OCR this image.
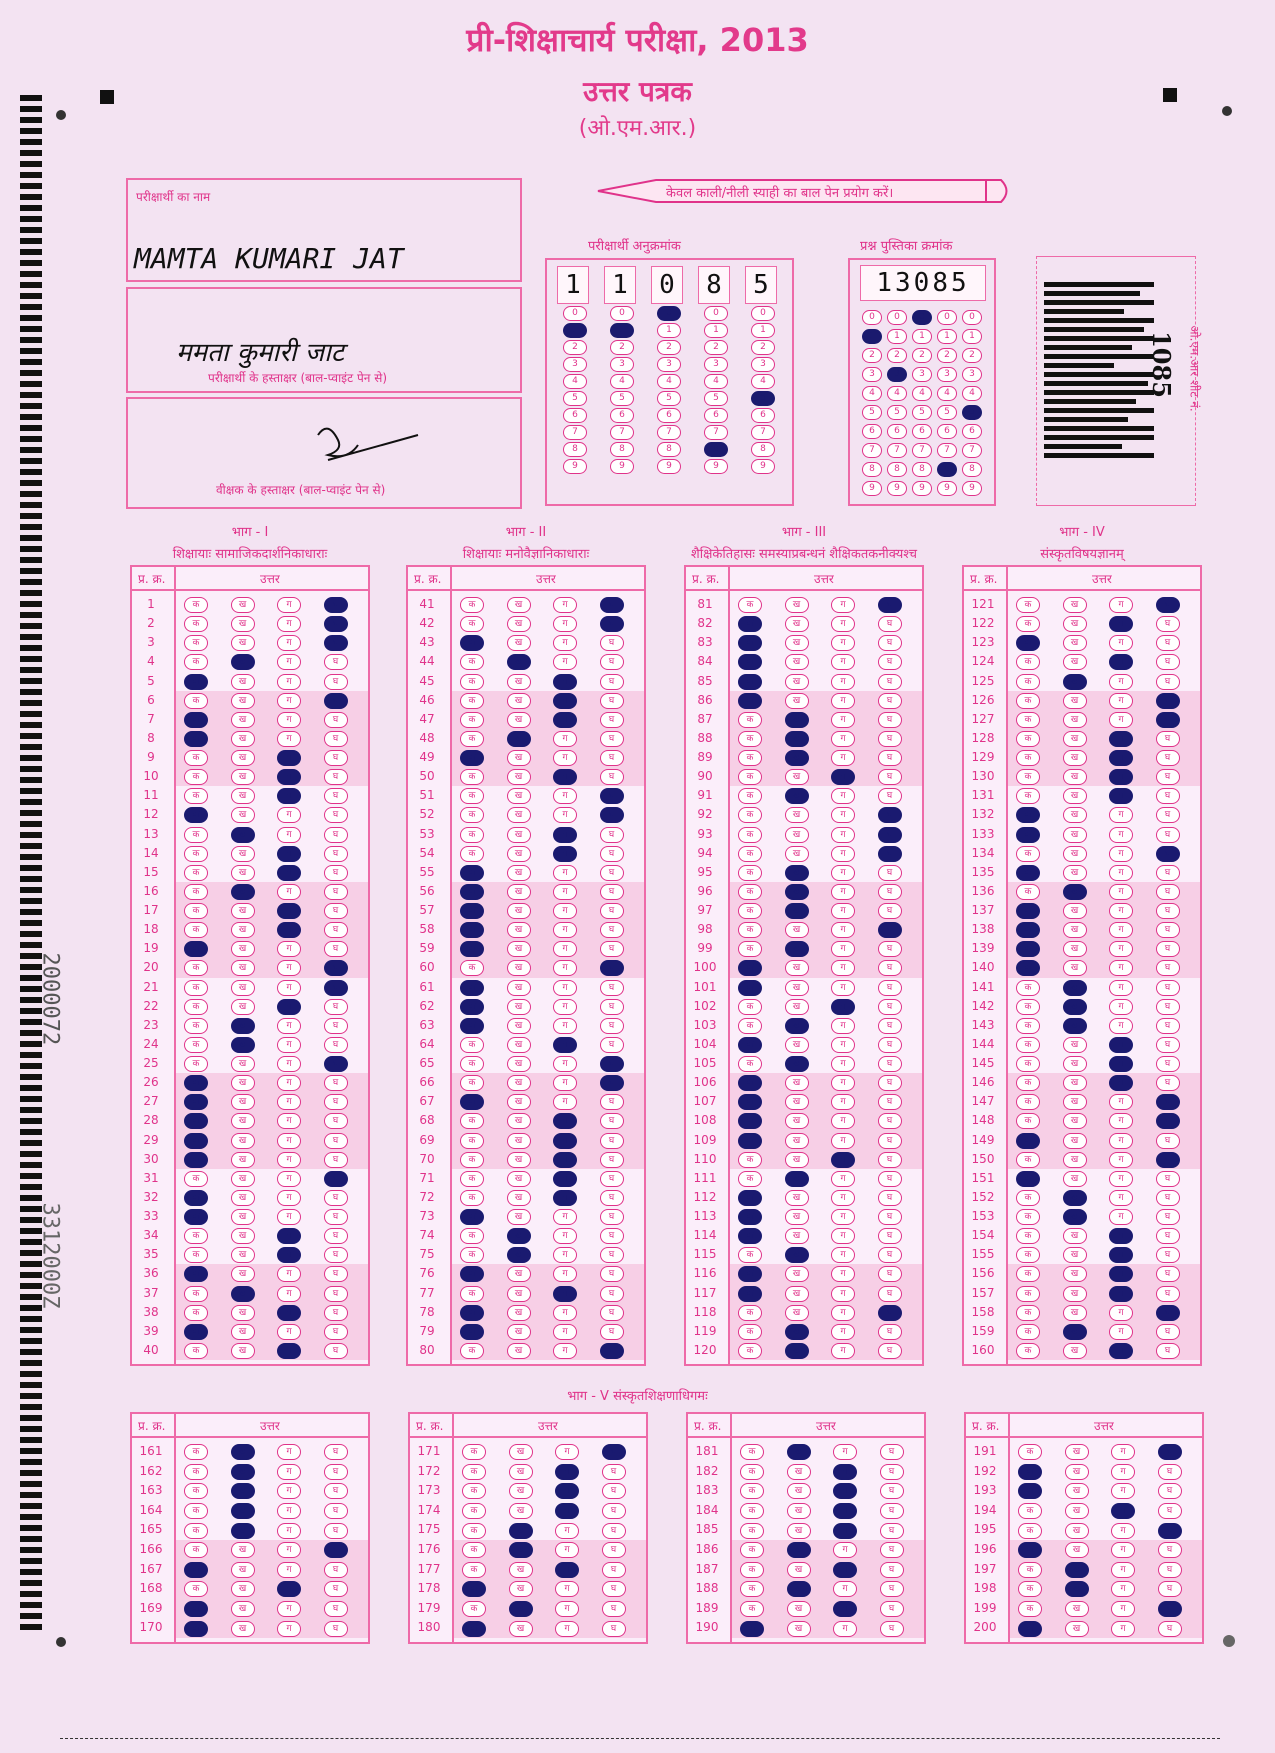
प्री-शिक्षाचार्य परीक्षा, 2013
उत्तर पत्रक
(ओ.एम.आर.)
2000072
3312000Z
परीक्षार्थी का नाम
MAMTA KUMARI JAT
ममता कुमारी जाट
परीक्षार्थी के हस्ताक्षर (बाल-प्वाइंट पेन से)
वीक्षक के हस्ताक्षर (बाल-प्वाइंट पेन से)
केवल काली/नीली स्याही का बाल पेन प्रयोग करें।
परीक्षार्थी अनुक्रमांक
1
0
1
2
3
4
5
6
7
8
9
1
0
1
2
3
4
5
6
7
8
9
0
0
1
2
3
4
5
6
7
8
9
8
0
1
2
3
4
5
6
7
8
9
5
0
1
2
3
4
5
6
7
8
9
प्रश्न पुस्तिका क्रमांक
13085
0
1
2
3
4
5
6
7
8
9
0
1
2
3
4
5
6
7
8
9
0
1
2
3
4
5
6
7
8
9
0
1
2
3
4
5
6
7
8
9
0
1
2
3
4
5
6
7
8
9
1085 ओ.एम.आर शीट नं.
भाग - I
शिक्षायाः सामाजिकदार्शनिकाधाराः
प्र. क्र.	उत्तर
1	क	ख	ग	घ
2	क	ख	ग	घ
3	क	ख	ग	घ
4	क	ख	ग	घ
5	क	ख	ग	घ
6	क	ख	ग	घ
7	क	ख	ग	घ
8	क	ख	ग	घ
9	क	ख	ग	घ
10	क	ख	ग	घ
11	क	ख	ग	घ
12	क	ख	ग	घ
13	क	ख	ग	घ
14	क	ख	ग	घ
15	क	ख	ग	घ
16	क	ख	ग	घ
17	क	ख	ग	घ
18	क	ख	ग	घ
19	क	ख	ग	घ
20	क	ख	ग	घ
21	क	ख	ग	घ
22	क	ख	ग	घ
23	क	ख	ग	घ
24	क	ख	ग	घ
25	क	ख	ग	घ
26	क	ख	ग	घ
27	क	ख	ग	घ
28	क	ख	ग	घ
29	क	ख	ग	घ
30	क	ख	ग	घ
31	क	ख	ग	घ
32	क	ख	ग	घ
33	क	ख	ग	घ
34	क	ख	ग	घ
35	क	ख	ग	घ
36	क	ख	ग	घ
37	क	ख	ग	घ
38	क	ख	ग	घ
39	क	ख	ग	घ
40	क	ख	ग	घ
भाग - II
शिक्षायाः मनोवैज्ञानिकाधाराः
प्र. क्र.	उत्तर
41	क	ख	ग	घ
42	क	ख	ग	घ
43	क	ख	ग	घ
44	क	ख	ग	घ
45	क	ख	ग	घ
46	क	ख	ग	घ
47	क	ख	ग	घ
48	क	ख	ग	घ
49	क	ख	ग	घ
50	क	ख	ग	घ
51	क	ख	ग	घ
52	क	ख	ग	घ
53	क	ख	ग	घ
54	क	ख	ग	घ
55	क	ख	ग	घ
56	क	ख	ग	घ
57	क	ख	ग	घ
58	क	ख	ग	घ
59	क	ख	ग	घ
60	क	ख	ग	घ
61	क	ख	ग	घ
62	क	ख	ग	घ
63	क	ख	ग	घ
64	क	ख	ग	घ
65	क	ख	ग	घ
66	क	ख	ग	घ
67	क	ख	ग	घ
68	क	ख	ग	घ
69	क	ख	ग	घ
70	क	ख	ग	घ
71	क	ख	ग	घ
72	क	ख	ग	घ
73	क	ख	ग	घ
74	क	ख	ग	घ
75	क	ख	ग	घ
76	क	ख	ग	घ
77	क	ख	ग	घ
78	क	ख	ग	घ
79	क	ख	ग	घ
80	क	ख	ग	घ
भाग - III
शैक्षिकेतिहासः समस्याप्रबन्धनं शैक्षिकतकनीक्यश्च
प्र. क्र.	उत्तर
81	क	ख	ग	घ
82	क	ख	ग	घ
83	क	ख	ग	घ
84	क	ख	ग	घ
85	क	ख	ग	घ
86	क	ख	ग	घ
87	क	ख	ग	घ
88	क	ख	ग	घ
89	क	ख	ग	घ
90	क	ख	ग	घ
91	क	ख	ग	घ
92	क	ख	ग	घ
93	क	ख	ग	घ
94	क	ख	ग	घ
95	क	ख	ग	घ
96	क	ख	ग	घ
97	क	ख	ग	घ
98	क	ख	ग	घ
99	क	ख	ग	घ
100	क	ख	ग	घ
101	क	ख	ग	घ
102	क	ख	ग	घ
103	क	ख	ग	घ
104	क	ख	ग	घ
105	क	ख	ग	घ
106	क	ख	ग	घ
107	क	ख	ग	घ
108	क	ख	ग	घ
109	क	ख	ग	घ
110	क	ख	ग	घ
111	क	ख	ग	घ
112	क	ख	ग	घ
113	क	ख	ग	घ
114	क	ख	ग	घ
115	क	ख	ग	घ
116	क	ख	ग	घ
117	क	ख	ग	घ
118	क	ख	ग	घ
119	क	ख	ग	घ
120	क	ख	ग	घ
भाग - IV
संस्कृतविषयज्ञानम्
प्र. क्र.	उत्तर
121	क	ख	ग	घ
122	क	ख	ग	घ
123	क	ख	ग	घ
124	क	ख	ग	घ
125	क	ख	ग	घ
126	क	ख	ग	घ
127	क	ख	ग	घ
128	क	ख	ग	घ
129	क	ख	ग	घ
130	क	ख	ग	घ
131	क	ख	ग	घ
132	क	ख	ग	घ
133	क	ख	ग	घ
134	क	ख	ग	घ
135	क	ख	ग	घ
136	क	ख	ग	घ
137	क	ख	ग	घ
138	क	ख	ग	घ
139	क	ख	ग	घ
140	क	ख	ग	घ
141	क	ख	ग	घ
142	क	ख	ग	घ
143	क	ख	ग	घ
144	क	ख	ग	घ
145	क	ख	ग	घ
146	क	ख	ग	घ
147	क	ख	ग	घ
148	क	ख	ग	घ
149	क	ख	ग	घ
150	क	ख	ग	घ
151	क	ख	ग	घ
152	क	ख	ग	घ
153	क	ख	ग	घ
154	क	ख	ग	घ
155	क	ख	ग	घ
156	क	ख	ग	घ
157	क	ख	ग	घ
158	क	ख	ग	घ
159	क	ख	ग	घ
160	क	ख	ग	घ
भाग - V संस्कृतशिक्षणाधिगमः
प्र. क्र.	उत्तर
161	क	ख	ग	घ
162	क	ख	ग	घ
163	क	ख	ग	घ
164	क	ख	ग	घ
165	क	ख	ग	घ
166	क	ख	ग	घ
167	क	ख	ग	घ
168	क	ख	ग	घ
169	क	ख	ग	घ
170	क	ख	ग	घ
प्र. क्र.	उत्तर
171	क	ख	ग	घ
172	क	ख	ग	घ
173	क	ख	ग	घ
174	क	ख	ग	घ
175	क	ख	ग	घ
176	क	ख	ग	घ
177	क	ख	ग	घ
178	क	ख	ग	घ
179	क	ख	ग	घ
180	क	ख	ग	घ
प्र. क्र.	उत्तर
181	क	ख	ग	घ
182	क	ख	ग	घ
183	क	ख	ग	घ
184	क	ख	ग	घ
185	क	ख	ग	घ
186	क	ख	ग	घ
187	क	ख	ग	घ
188	क	ख	ग	घ
189	क	ख	ग	घ
190	क	ख	ग	घ
प्र. क्र.	उत्तर
191	क	ख	ग	घ
192	क	ख	ग	घ
193	क	ख	ग	घ
194	क	ख	ग	घ
195	क	ख	ग	घ
196	क	ख	ग	घ
197	क	ख	ग	घ
198	क	ख	ग	घ
199	क	ख	ग	घ
200	क	ख	ग	घ
